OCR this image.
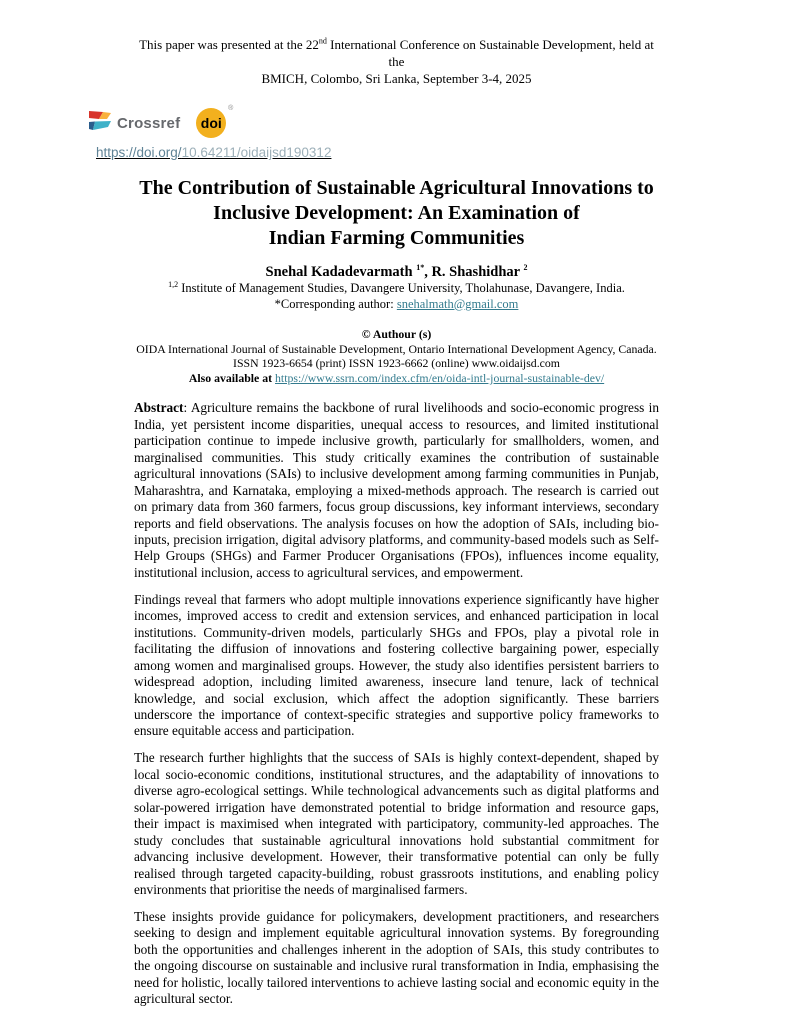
This paper was presented at the 22nd International Conference on Sustainable Development, held at the
BMICH, Colombo, Sri Lanka, September 3-4, 2025
Crossref	doi
®
https://doi.org/10.64211/oidaijsd190312
The Contribution of Sustainable Agricultural Innovations to
Inclusive Development: An Examination of
Indian Farming Communities
Snehal Kadadevarmath $^{1*}$, R. Shashidhar $^2$
$^{1,2}$ Institute of Management Studies, Davangere University, Tholahunase, Davangere, India.
*Corresponding author: snehalmath@gmail.com
© Authour (s)
OIDA International Journal of Sustainable Development, Ontario International Development Agency, Canada.
ISSN 1923-6654 (print) ISSN 1923-6662 (online) www.oidaijsd.com
Also available at https://www.ssrn.com/index.cfm/en/oida-intl-journal-sustainable-dev/

Abstract: Agriculture remains the backbone of rural livelihoods and socio-economic progress in India, yet persistent income disparities, unequal access to resources, and limited institutional participation continue to impede inclusive growth, particularly for smallholders, women, and marginalised communities. This study critically examines the contribution of sustainable agricultural innovations (SAIs) to inclusive development among farming communities in Punjab, Maharashtra, and Karnataka, employing a mixed-methods approach. The research is carried out on primary data from 360 farmers, focus group discussions, key informant interviews, secondary reports and field observations. The analysis focuses on how the adoption of SAIs, including bio-inputs, precision irrigation, digital advisory platforms, and community-based models such as Self-Help Groups (SHGs) and Farmer Producer Organisations (FPOs), influences income equality, institutional inclusion, access to agricultural services, and empowerment.

Findings reveal that farmers who adopt multiple innovations experience significantly have higher incomes, improved access to credit and extension services, and enhanced participation in local institutions. Community-driven models, particularly SHGs and FPOs, play a pivotal role in facilitating the diffusion of innovations and fostering collective bargaining power, especially among women and marginalised groups. However, the study also identifies persistent barriers to widespread adoption, including limited awareness, insecure land tenure, lack of technical knowledge, and social exclusion, which affect the adoption significantly. These barriers underscore the importance of context-specific strategies and supportive policy frameworks to ensure equitable access and participation.

The research further highlights that the success of SAIs is highly context-dependent, shaped by local socio-economic conditions, institutional structures, and the adaptability of innovations to diverse agro-ecological settings. While technological advancements such as digital platforms and solar-powered irrigation have demonstrated potential to bridge information and resource gaps, their impact is maximised when integrated with participatory, community-led approaches. The study concludes that sustainable agricultural innovations hold substantial commitment for advancing inclusive development. However, their transformative potential can only be fully realised through targeted capacity-building, robust grassroots institutions, and enabling policy environments that prioritise the needs of marginalised farmers.

These insights provide guidance for policymakers, development practitioners, and researchers seeking to design and implement equitable agricultural innovation systems. By foregrounding both the opportunities and challenges inherent in the adoption of SAIs, this study contributes to the ongoing discourse on sustainable and inclusive rural transformation in India, emphasising the need for holistic, locally tailored interventions to achieve lasting social and economic equity in the agricultural sector.
